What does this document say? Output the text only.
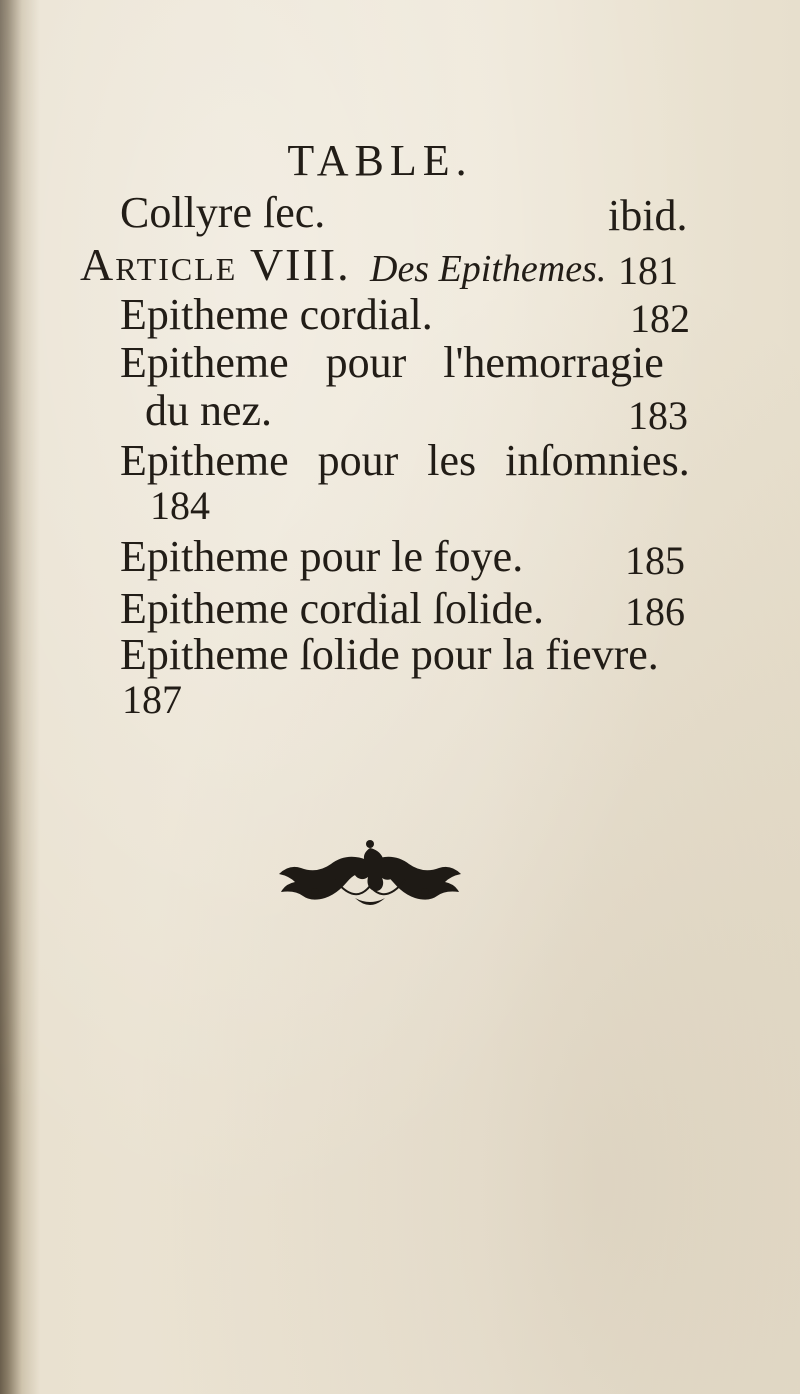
TABLE.
Collyre ſec.	ibid.
Article VIII. Des Epithemes. 181
Epitheme cordial.	182
Epitheme pour l'hemorragie
du nez.	183
Epitheme pour les inſomnies.
184
Epitheme pour le foye.	185
Epitheme cordial ſolide. 186
Epitheme ſolide pour la fievre.
187
